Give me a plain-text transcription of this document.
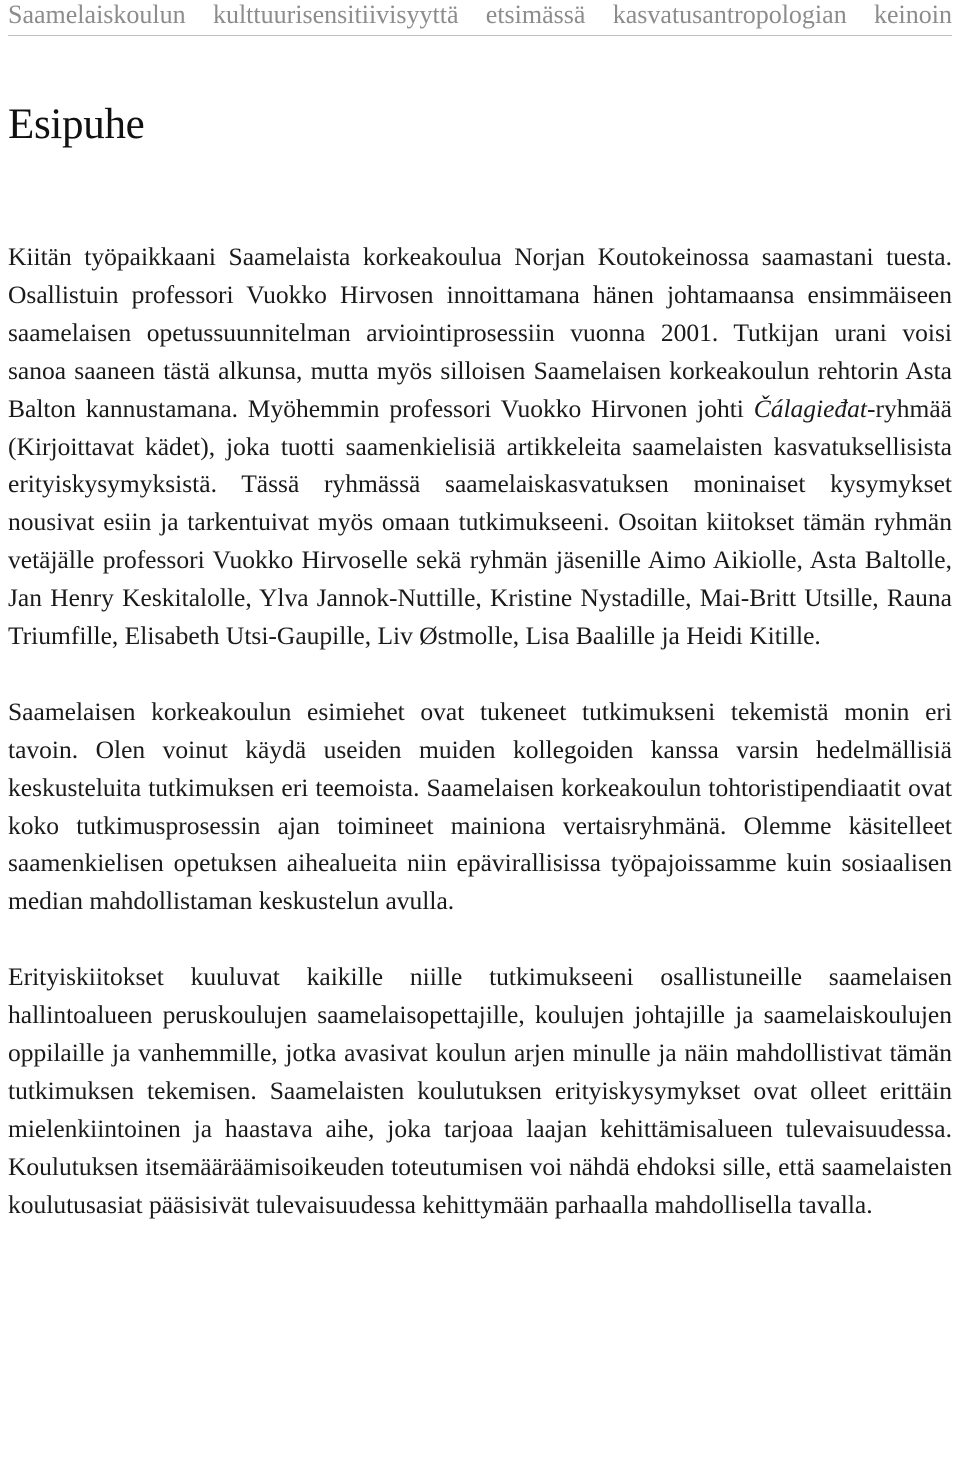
Saamelaiskoulun kulttuurisensitiivisyyttä etsimässä kasvatusantropologian keinoin
Esipuhe

Kiitän työpaikkaani Saamelaista korkeakoulua Norjan Koutokeinossa saamastani tuesta. Osallistuin professori Vuokko Hirvosen innoittamana hänen johtamaansa ensimmäiseen saamelaisen opetussuunnitelman arviointiprosessiin vuonna 2001. Tutkijan urani voisi sanoa saaneen tästä alkunsa, mutta myös silloisen Saamelaisen korkeakoulun rehtorin Asta Balton kannustamana. Myöhemmin professori Vuokko Hirvonen johti Čálagieđat-ryhmää (Kirjoittavat kädet), joka tuotti saamenkielisiä artikkeleita saamelaisten kasvatuksellisista erityiskysymyksistä. Tässä ryhmässä saamelaiskasvatuksen moninaiset kysymykset nousivat esiin ja tarkentuivat myös omaan tutkimukseeni. Osoitan kiitokset tämän ryhmän vetäjälle professori Vuokko Hirvoselle sekä ryhmän jäsenille Aimo Aikiolle, Asta Baltolle, Jan Henry Keskitalolle, Ylva Jannok-Nuttille, Kristine Nystadille, Mai-Britt Utsille, Rauna Triumfille, Elisabeth Utsi-Gaupille, Liv Østmolle, Lisa Baalille ja Heidi Kitille.

Saamelaisen korkeakoulun esimiehet ovat tukeneet tutkimukseni tekemistä monin eri tavoin. Olen voinut käydä useiden muiden kollegoiden kanssa varsin hedelmällisiä keskusteluita tutkimuksen eri teemoista. Saamelaisen korkeakoulun tohtoristipendiaatit ovat koko tutkimusprosessin ajan toimineet mainiona vertaisryhmänä. Olemme käsitelleet saamenkielisen opetuksen aihealueita niin epävirallisissa työpajoissamme kuin sosiaalisen median mahdollistaman keskustelun avulla.

Erityiskiitokset kuuluvat kaikille niille tutkimukseeni osallistuneille saamelaisen hallintoalueen peruskoulujen saamelaisopettajille, koulujen johtajille ja saamelaiskoulujen oppilaille ja vanhemmille, jotka avasivat koulun arjen minulle ja näin mahdollistivat tämän tutkimuksen tekemisen. Saamelaisten koulutuksen erityiskysymykset ovat olleet erittäin mielenkiintoinen ja haastava aihe, joka tarjoaa laajan kehittämisalueen tulevaisuudessa. Koulutuksen itsemääräämisoikeuden toteutumisen voi nähdä ehdoksi sille, että saamelaisten koulutusasiat pääsisivät tulevaisuudessa kehittymään parhaalla mahdollisella tavalla.
